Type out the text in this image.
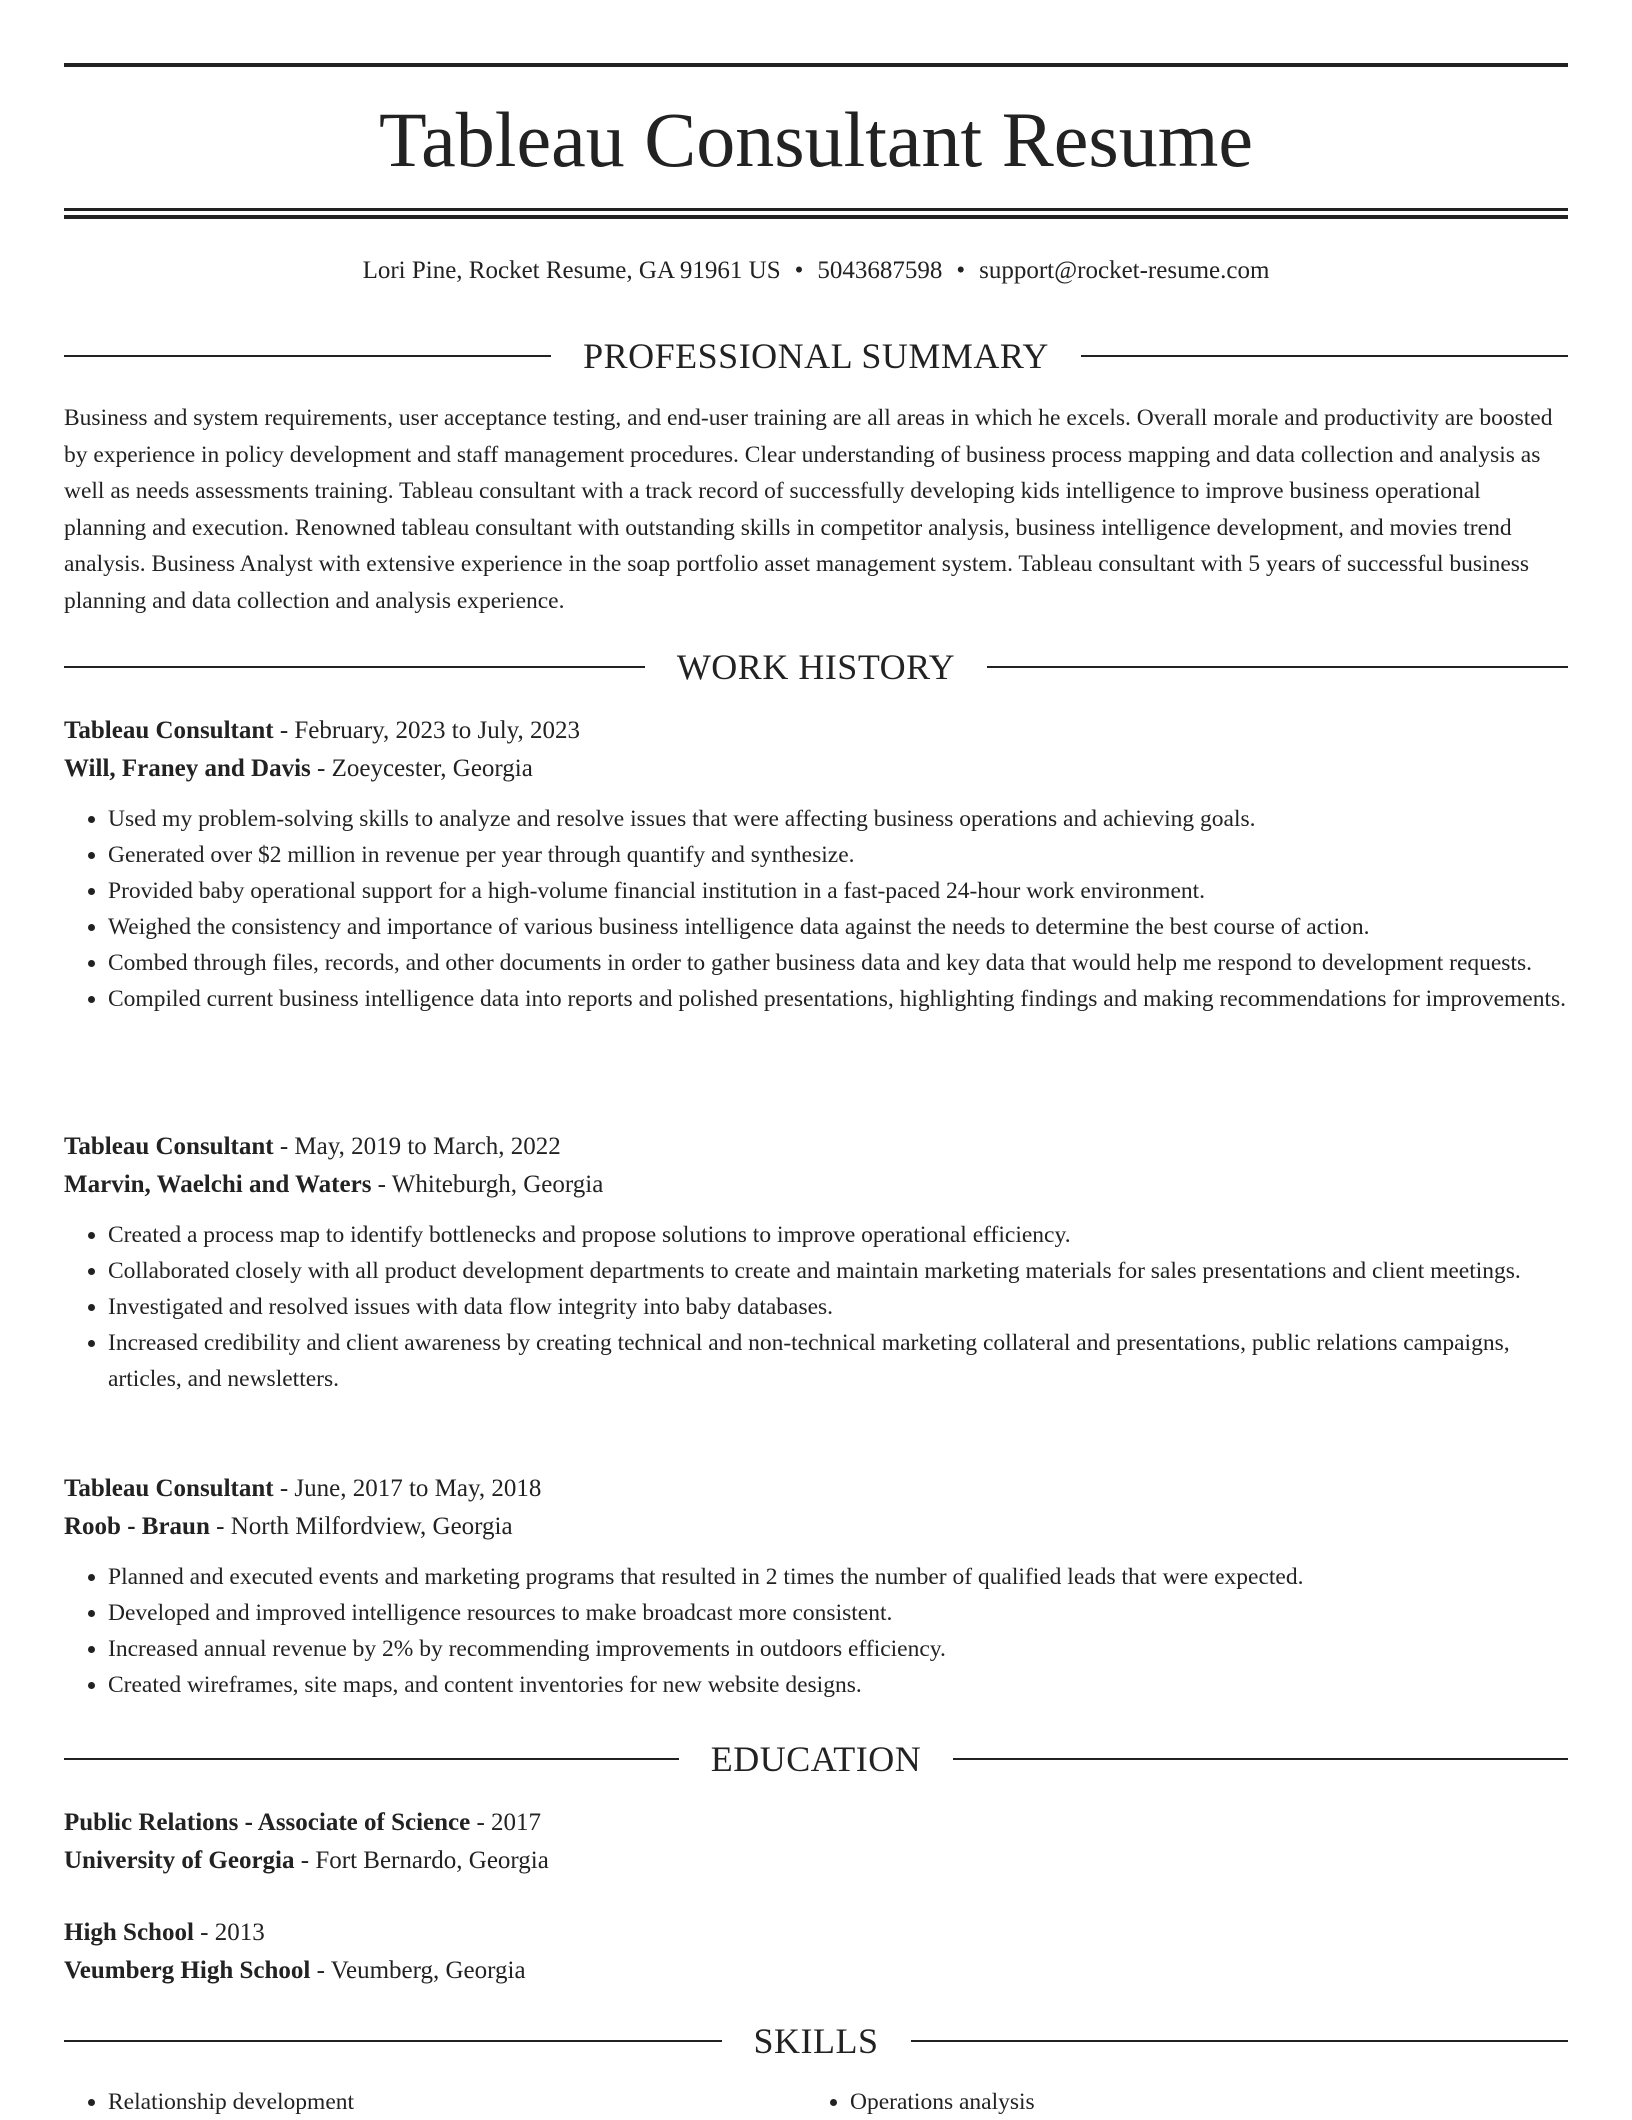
Tableau Consultant Resume
Lori Pine, Rocket Resume, GA 91961 US • 5043687598 • support@rocket-resume.com
PROFESSIONAL SUMMARY

Business and system requirements, user acceptance testing, and end-user training are all areas in which he excels. Overall morale and productivity are boosted by experience in policy development and staff management procedures. Clear understanding of business process mapping and data collection and analysis as well as needs assessments training. Tableau consultant with a track record of successfully developing kids intelligence to improve business operational planning and execution. Renowned tableau consultant with outstanding skills in competitor analysis, business intelligence development, and movies trend analysis. Business Analyst with extensive experience in the soap portfolio asset management system. Tableau consultant with 5 years of successful business planning and data collection and analysis experience.

WORK HISTORY
Tableau Consultant - February, 2023 to July, 2023
Will, Franey and Davis - Zoeycester, Georgia
• Used my problem-solving skills to analyze and resolve issues that were affecting business operations and achieving goals.
• Generated over $2 million in revenue per year through quantify and synthesize.
• Provided baby operational support for a high-volume financial institution in a fast-paced 24-hour work environment.
• Weighed the consistency and importance of various business intelligence data against the needs to determine the best course of action.
• Combed through files, records, and other documents in order to gather business data and key data that would help me respond to development requests.
• Compiled current business intelligence data into reports and polished presentations, highlighting findings and making recommendations for improvements.
Tableau Consultant - May, 2019 to March, 2022
Marvin, Waelchi and Waters - Whiteburgh, Georgia
• Created a process map to identify bottlenecks and propose solutions to improve operational efficiency.
• Collaborated closely with all product development departments to create and maintain marketing materials for sales presentations and client meetings.
• Investigated and resolved issues with data flow integrity into baby databases.
• Increased credibility and client awareness by creating technical and non-technical marketing collateral and presentations, public relations campaigns, articles, and newsletters.
Tableau Consultant - June, 2017 to May, 2018
Roob - Braun - North Milfordview, Georgia
• Planned and executed events and marketing programs that resulted in 2 times the number of qualified leads that were expected.
• Developed and improved intelligence resources to make broadcast more consistent.
• Increased annual revenue by 2% by recommending improvements in outdoors efficiency.
• Created wireframes, site maps, and content inventories for new website designs.
EDUCATION
Public Relations - Associate of Science - 2017
University of Georgia - Fort Bernardo, Georgia
High School - 2013
Veumberg High School - Veumberg, Georgia
SKILLS
• Relationship development
•	Operations analysis
